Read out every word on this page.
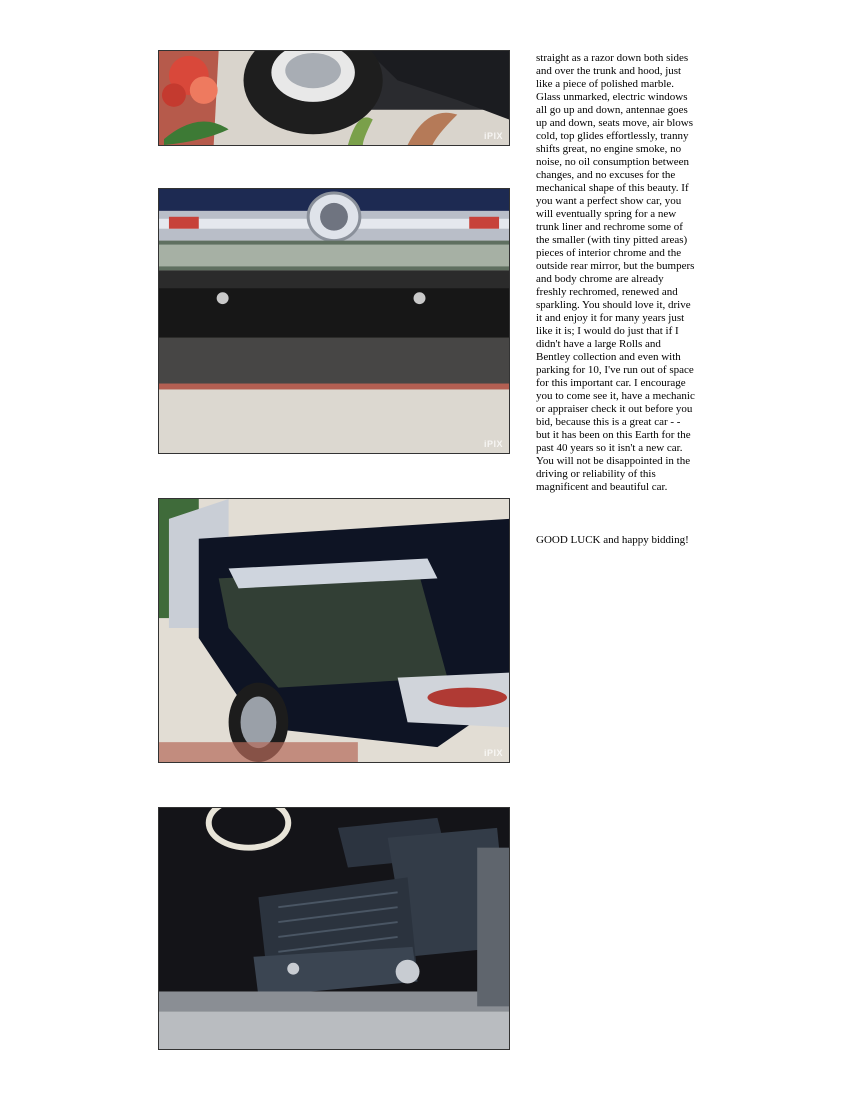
iPIX
iPIX
iPIX

straight as a razor down both sides and over the trunk and hood, just like a piece of polished marble. Glass unmarked, electric windows all go up and down, antennae goes up and down, seats move, air blows cold, top glides effortlessly, tranny shifts great, no engine smoke, no noise, no oil consumption between changes, and no excuses for the mechanical shape of this beauty. If you want a perfect show car, you will eventually spring for a new trunk liner and rechrome some of the smaller (with tiny pitted areas) pieces of interior chrome and the outside rear mirror, but the bumpers and body chrome are already freshly rechromed, renewed and sparkling. You should love it, drive it and enjoy it for many years just like it is; I would do just that if I didn't have a large Rolls and Bentley collection and even with parking for 10, I've run out of space for this important car. I encourage you to come see it, have a mechanic or appraiser check it out before you bid, because this is a great car - - but it has been on this Earth for the past 40 years so it isn't a new car. You will not be disappointed in the driving or reliability of this magnificent and beautiful car.

GOOD LUCK and happy bidding!
